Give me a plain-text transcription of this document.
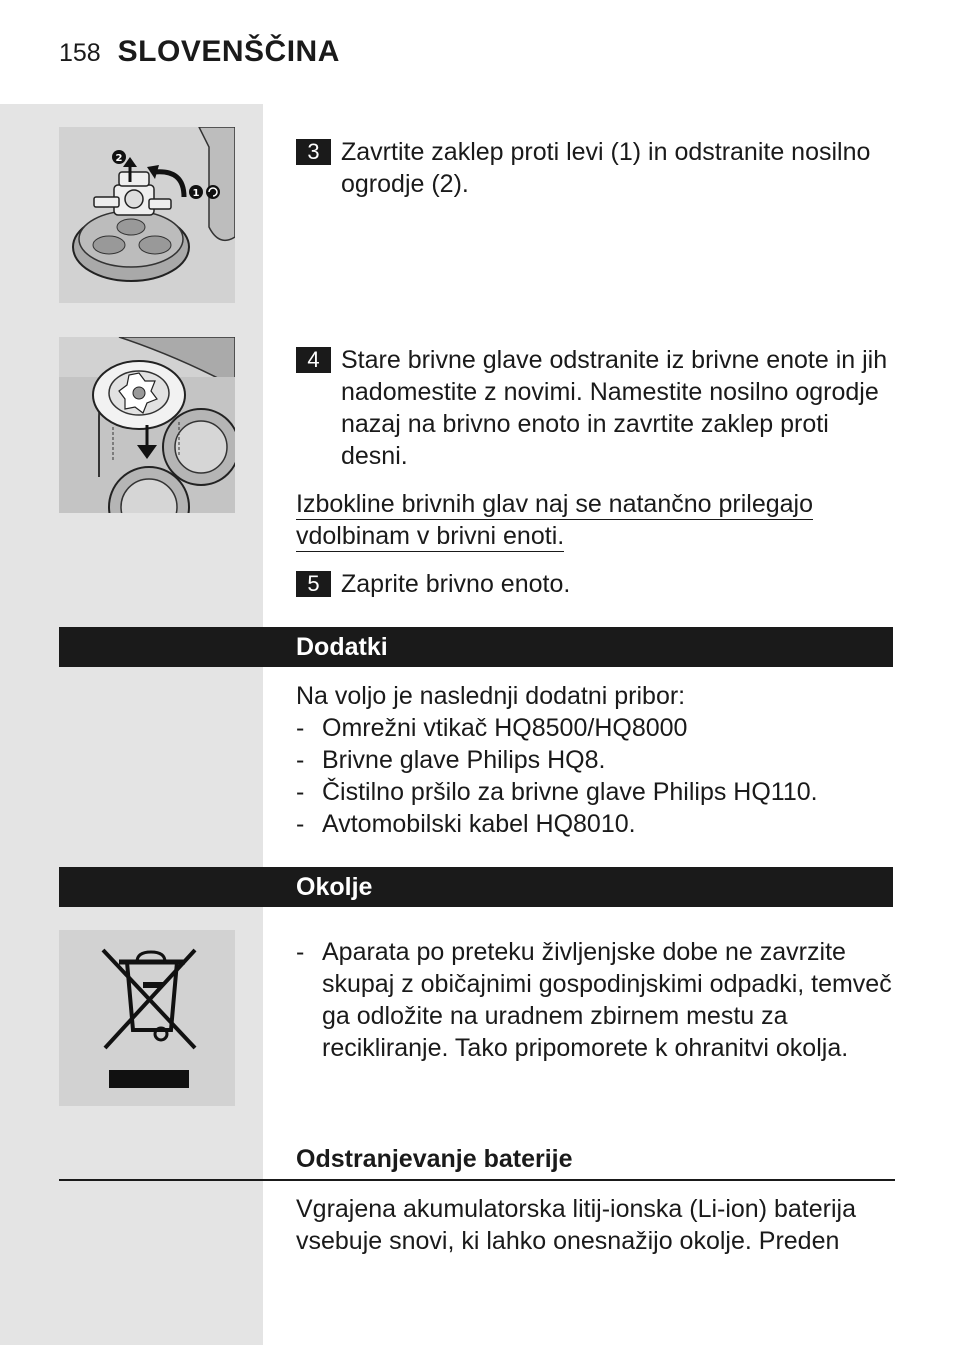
158 SLOVENŠČINA
2
1
3 Zavrtite zaklep proti levi (1) in odstranite nosilno ogrodje (2).
4 Stare brivne glave odstranite iz brivne enote in jih nadomestite z novimi. Namestite nosilno ogrodje nazaj na brivno enoto in zavrtite zaklep proti desni.
Izbokline brivnih glav naj se natančno prilegajo
vdolbinam v brivni enoti.
5 Zaprite brivno enoto.
Dodatki
Na voljo je naslednji dodatni pribor:
- Omrežni vtikač HQ8500/HQ8000
- Brivne glave Philips HQ8.
- Čistilno pršilo za brivne glave Philips HQ110.
- Avtomobilski kabel HQ8010.
Okolje
- Aparata po preteku življenjske dobe ne zavrzite skupaj z običajnimi gospodinjskimi odpadki, temveč ga odložite na uradnem zbirnem mestu za recikliranje. Tako pripomorete k ohranitvi okolja.
Odstranjevanje baterije
Vgrajena akumulatorska litij-ionska (Li-ion) baterija vsebuje snovi, ki lahko onesnažijo okolje. Preden
